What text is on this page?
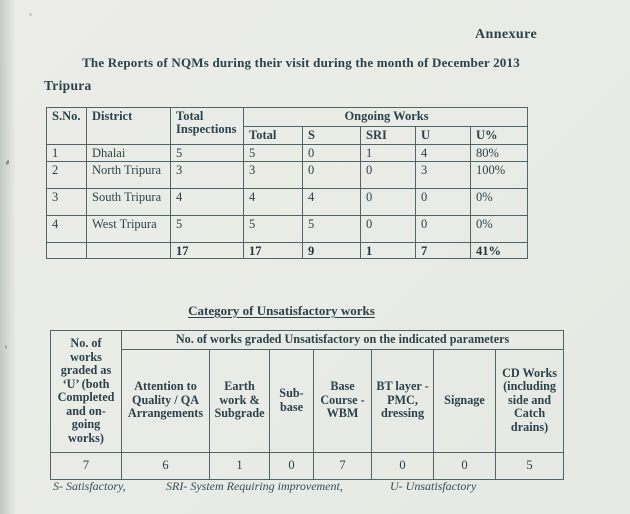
Annexure
The Reports of NQMs during their visit during the month of December 2013
Tripura
S.No.	District	Total Inspections	Ongoing Works				
			Total	S	SRI	U	U%
1	Dhalai	5	5	0	1	4	80%
2	North Tripura	3	3	0	0	3	100%
3	South Tripura	4	4	4	0	0	0%
4	West Tripura	5	5	5	0	0	0%
		17	17	9	1	7	41%
Category of Unsatisfactory works
No. of works graded as ‘U’ (both Completed and on-going works)	No. of works graded Unsatisfactory on the indicated parameters						
	Attention to Quality / QA Arrangements	Earth work & Subgrade	Sub-base	Base Course - WBM	BT layer - PMC, dressing	Signage	CD Works (including side and Catch drains)
7	6	1	0	7	0	0	5
S- Satisfactory,	SRI- System Requiring improvement,	U- Unsatisfactory
